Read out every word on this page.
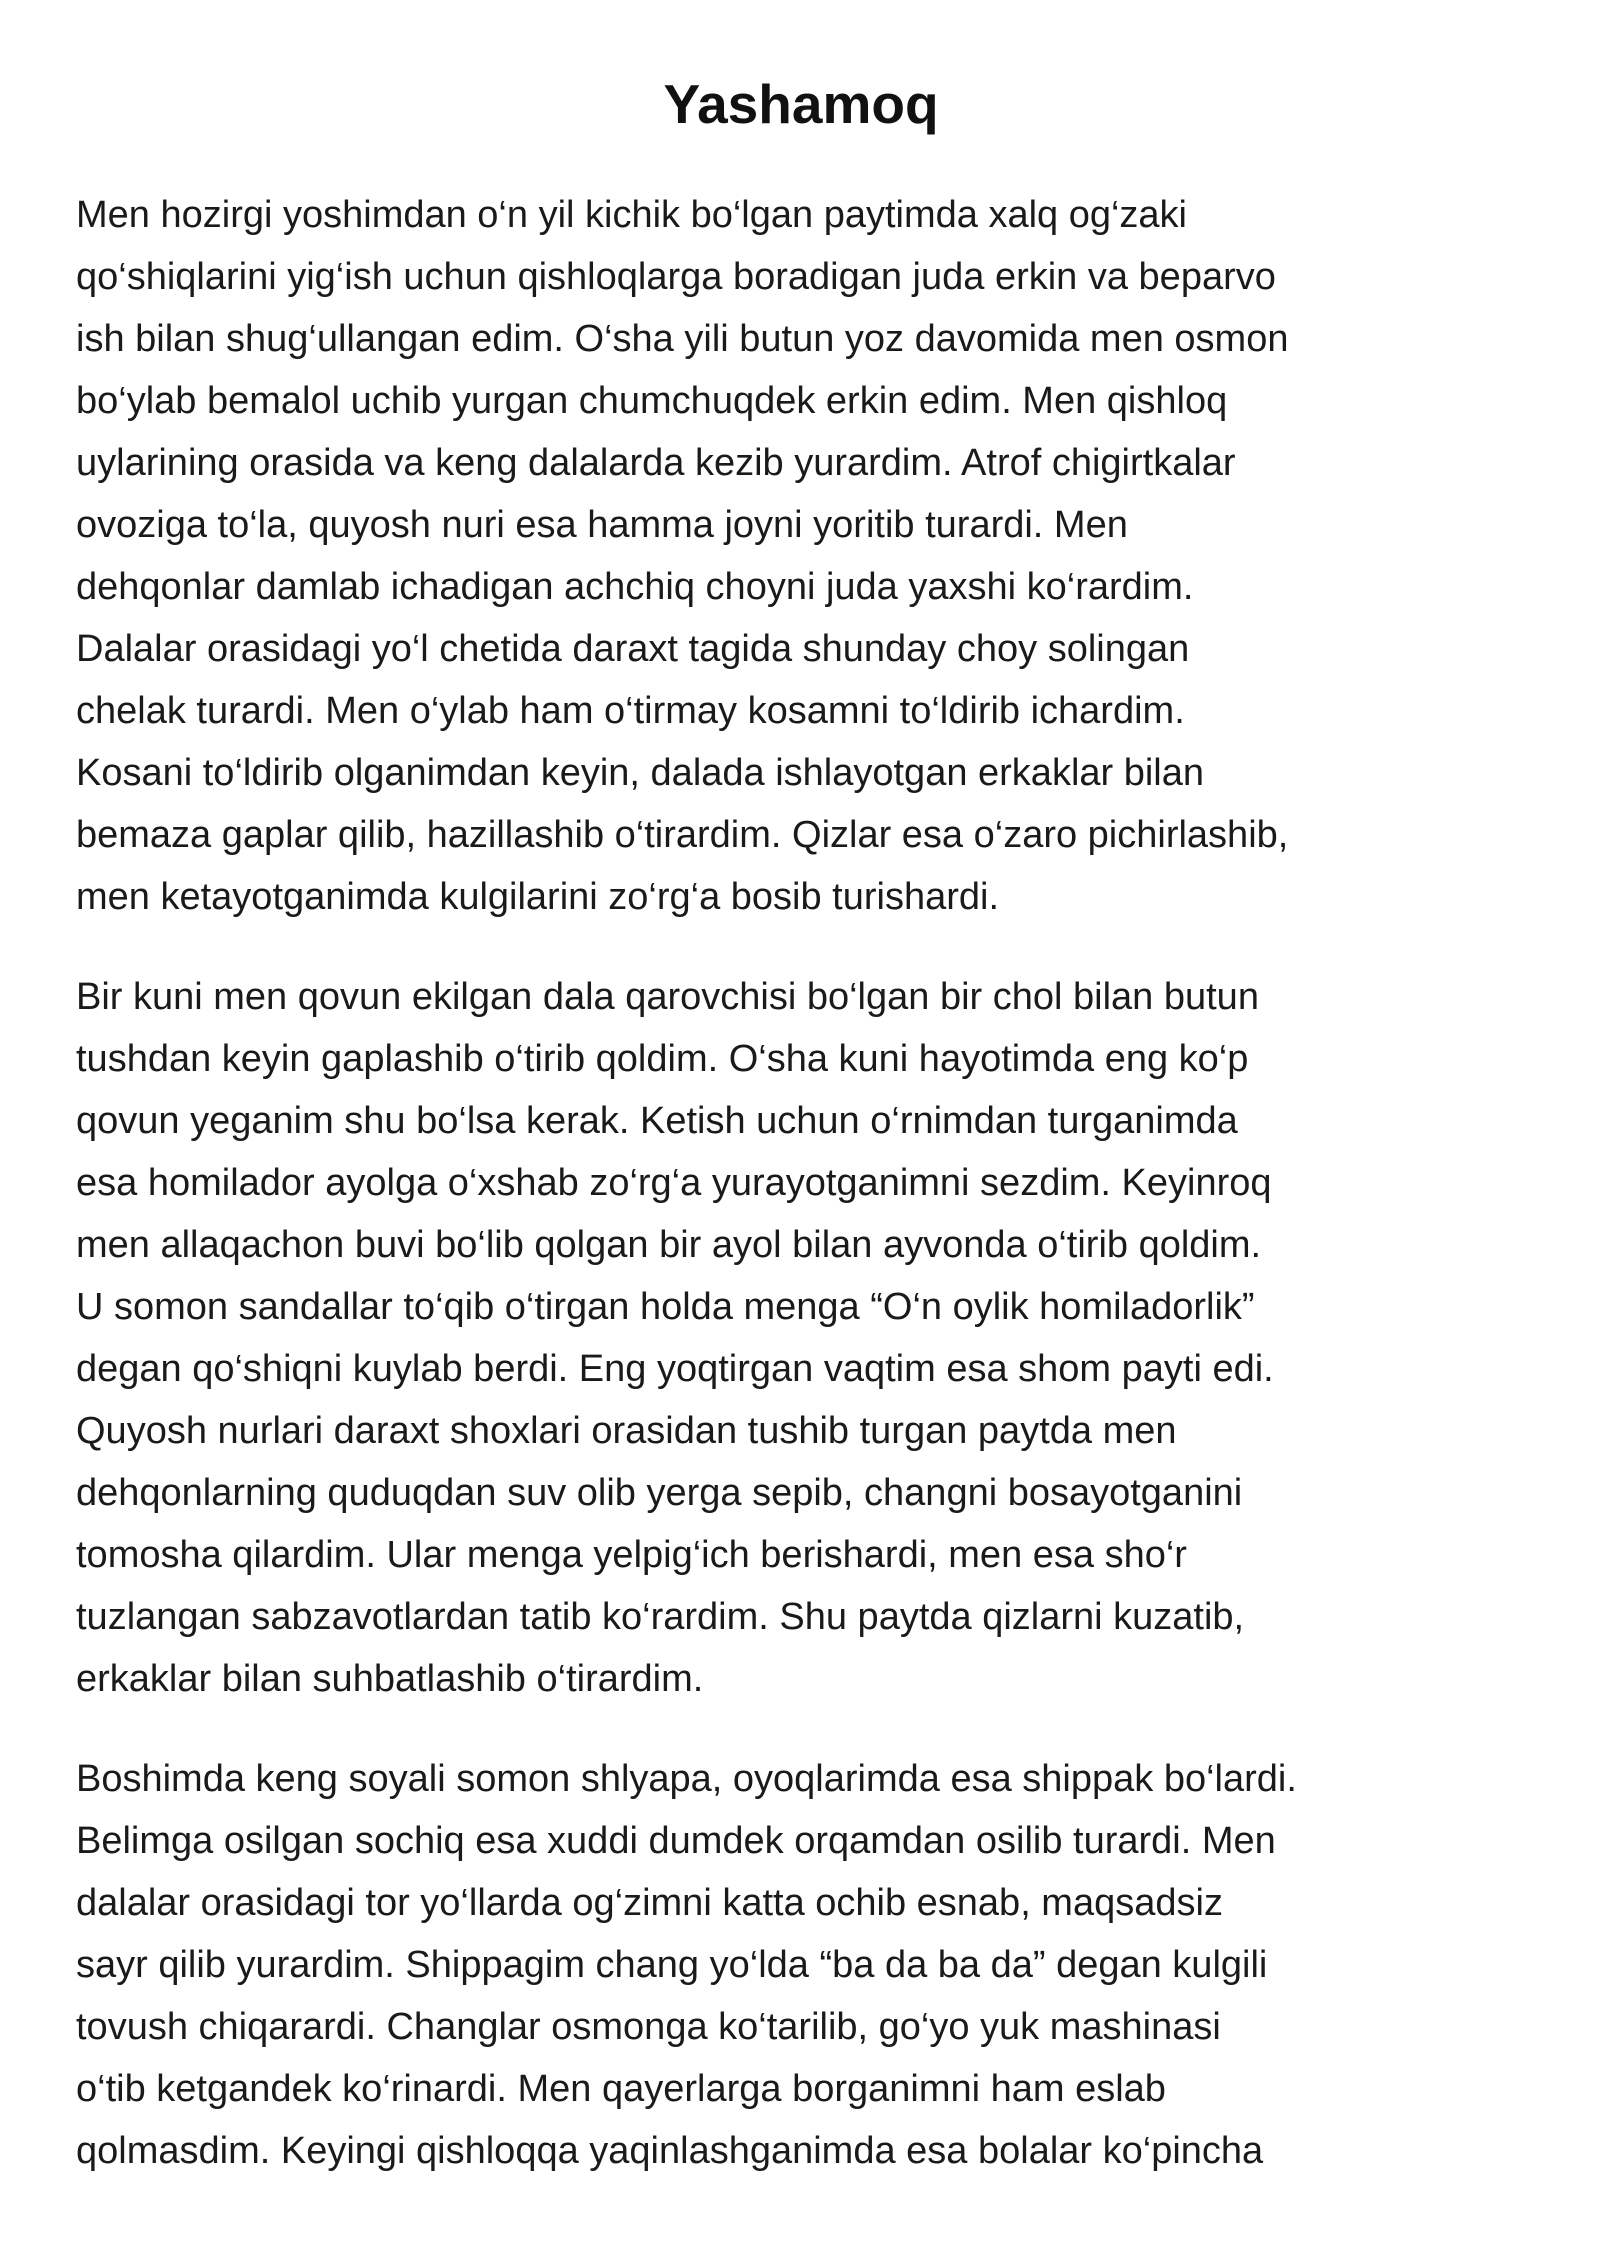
Yashamoq

Men hozirgi yoshimdan o‘n yil kichik bo‘lgan paytimda xalq og‘zaki
qo‘shiqlarini yig‘ish uchun qishloqlarga boradigan juda erkin va beparvo
ish bilan shug‘ullangan edim. O‘sha yili butun yoz davomida men osmon
bo‘ylab bemalol uchib yurgan chumchuqdek erkin edim. Men qishloq
uylarining orasida va keng dalalarda kezib yurardim. Atrof chigirtkalar
ovoziga to‘la, quyosh nuri esa hamma joyni yoritib turardi. Men
dehqonlar damlab ichadigan achchiq choyni juda yaxshi ko‘rardim.
Dalalar orasidagi yo‘l chetida daraxt tagida shunday choy solingan
chelak turardi. Men o‘ylab ham o‘tirmay kosamni to‘ldirib ichardim.
Kosani to‘ldirib olganimdan keyin, dalada ishlayotgan erkaklar bilan
bemaza gaplar qilib, hazillashib o‘tirardim. Qizlar esa o‘zaro pichirlashib,
men ketayotganimda kulgilarini zo‘rg‘a bosib turishardi.

Bir kuni men qovun ekilgan dala qarovchisi bo‘lgan bir chol bilan butun
tushdan keyin gaplashib o‘tirib qoldim. O‘sha kuni hayotimda eng ko‘p
qovun yeganim shu bo‘lsa kerak. Ketish uchun o‘rnimdan turganimda
esa homilador ayolga o‘xshab zo‘rg‘a yurayotganimni sezdim. Keyinroq
men allaqachon buvi bo‘lib qolgan bir ayol bilan ayvonda o‘tirib qoldim.
U somon sandallar to‘qib o‘tirgan holda menga “O‘n oylik homiladorlik”
degan qo‘shiqni kuylab berdi. Eng yoqtirgan vaqtim esa shom payti edi.
Quyosh nurlari daraxt shoxlari orasidan tushib turgan paytda men
dehqonlarning quduqdan suv olib yerga sepib, changni bosayotganini
tomosha qilardim. Ular menga yelpig‘ich berishardi, men esa sho‘r
tuzlangan sabzavotlardan tatib ko‘rardim. Shu paytda qizlarni kuzatib,
erkaklar bilan suhbatlashib o‘tirardim.

Boshimda keng soyali somon shlyapa, oyoqlarimda esa shippak bo‘lardi.
Belimga osilgan sochiq esa xuddi dumdek orqamdan osilib turardi. Men
dalalar orasidagi tor yo‘llarda og‘zimni katta ochib esnab, maqsadsiz
sayr qilib yurardim. Shippagim chang yo‘lda “ba da ba da” degan kulgili
tovush chiqarardi. Changlar osmonga ko‘tarilib, go‘yo yuk mashinasi
o‘tib ketgandek ko‘rinardi. Men qayerlarga borganimni ham eslab
qolmasdim. Keyingi qishloqqa yaqinlashganimda esa bolalar ko‘pincha
